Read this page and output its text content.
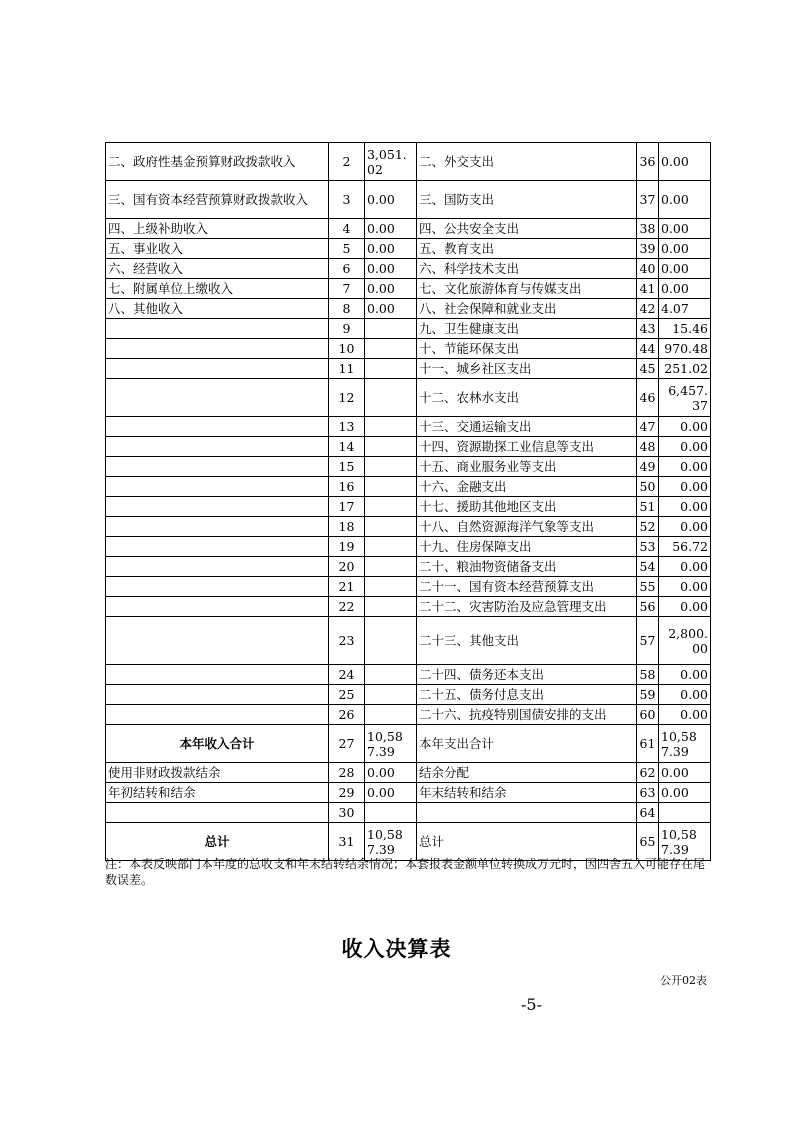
二、政府性基金预算财政拨款收入	2	3,051.02	二、外交支出	36	0.00
三、国有资本经营预算财政拨款收入	3	0.00	三、国防支出	37	0.00
四、上级补助收入	4	0.00	四、公共安全支出	38	0.00
五、事业收入	5	0.00	五、教育支出	39	0.00
六、经营收入	6	0.00	六、科学技术支出	40	0.00
七、附属单位上缴收入	7	0.00	七、文化旅游体育与传媒支出	41	0.00
八、其他收入	8	0.00	八、社会保障和就业支出	42	4.07
	9		九、卫生健康支出	43	15.46
	10		十、节能环保支出	44	970.48
	11		十一、城乡社区支出	45	251.02
	12		十二、农林水支出	46	6,457.37
	13		十三、交通运输支出	47	0.00
	14		十四、资源勘探工业信息等支出	48	0.00
	15		十五、商业服务业等支出	49	0.00
	16		十六、金融支出	50	0.00
	17		十七、援助其他地区支出	51	0.00
	18		十八、自然资源海洋气象等支出	52	0.00
	19		十九、住房保障支出	53	56.72
	20		二十、粮油物资储备支出	54	0.00
	21		二十一、国有资本经营预算支出	55	0.00
	22		二十二、灾害防治及应急管理支出	56	0.00
	23		二十三、其他支出	57	2,800.00
	24		二十四、债务还本支出	58	0.00
	25		二十五、债务付息支出	59	0.00
	26		二十六、抗疫特别国债安排的支出	60	0.00
本年收入合计	27	10,587.39	本年支出合计	61	10,587.39
使用非财政拨款结余	28	0.00	结余分配	62	0.00
年初结转和结余	29	0.00	年末结转和结余	63	0.00
	30			64	
总计	31	10,587.39	总计	65	10,587.39
注：本表反映部门本年度的总收支和年末结转结余情况；本套报表金额单位转换成万元时，因四舍五入可能存在尾数误差。
收入决算表
公开02表
-5-
